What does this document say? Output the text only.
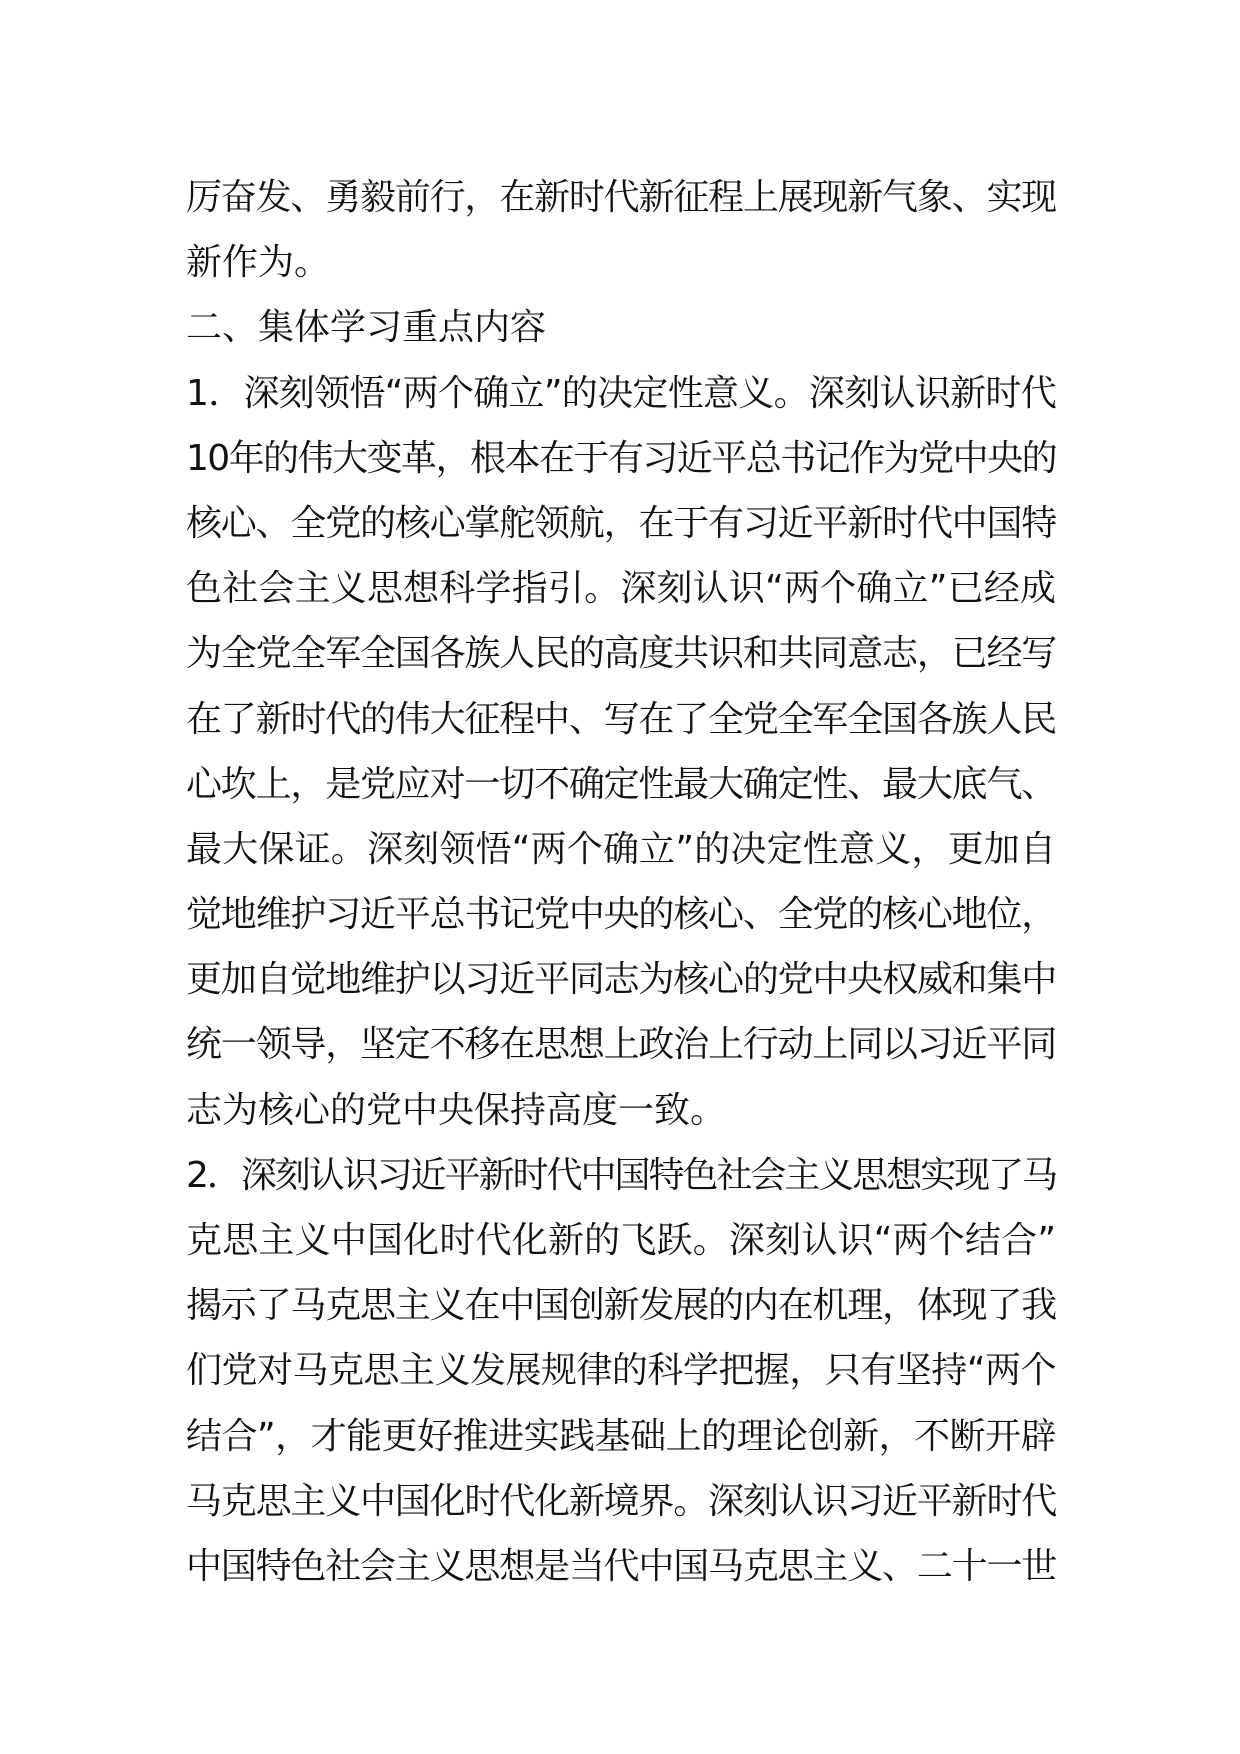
厉奋发、勇毅前行，在新时代新征程上展现新气象、实现
新作为。
二、集体学习重点内容
1．深刻领悟“两个确立”的决定性意义。深刻认识新时代
10年的伟大变革，根本在于有习近平总书记作为党中央的
核心、全党的核心掌舵领航，在于有习近平新时代中国特
色社会主义思想科学指引。深刻认识“两个确立”已经成
为全党全军全国各族人民的高度共识和共同意志，已经写
在了新时代的伟大征程中、写在了全党全军全国各族人民
心坎上，是党应对一切不确定性最大确定性、最大底气、
最大保证。深刻领悟“两个确立”的决定性意义，更加自
觉地维护习近平总书记党中央的核心、全党的核心地位，
更加自觉地维护以习近平同志为核心的党中央权威和集中
统一领导，坚定不移在思想上政治上行动上同以习近平同
志为核心的党中央保持高度一致。
2．深刻认识习近平新时代中国特色社会主义思想实现了马
克思主义中国化时代化新的飞跃。深刻认识“两个结合”
揭示了马克思主义在中国创新发展的内在机理，体现了我
们党对马克思主义发展规律的科学把握，只有坚持“两个
结合”，才能更好推进实践基础上的理论创新，不断开辟
马克思主义中国化时代化新境界。深刻认识习近平新时代
中国特色社会主义思想是当代中国马克思主义、二十一世
